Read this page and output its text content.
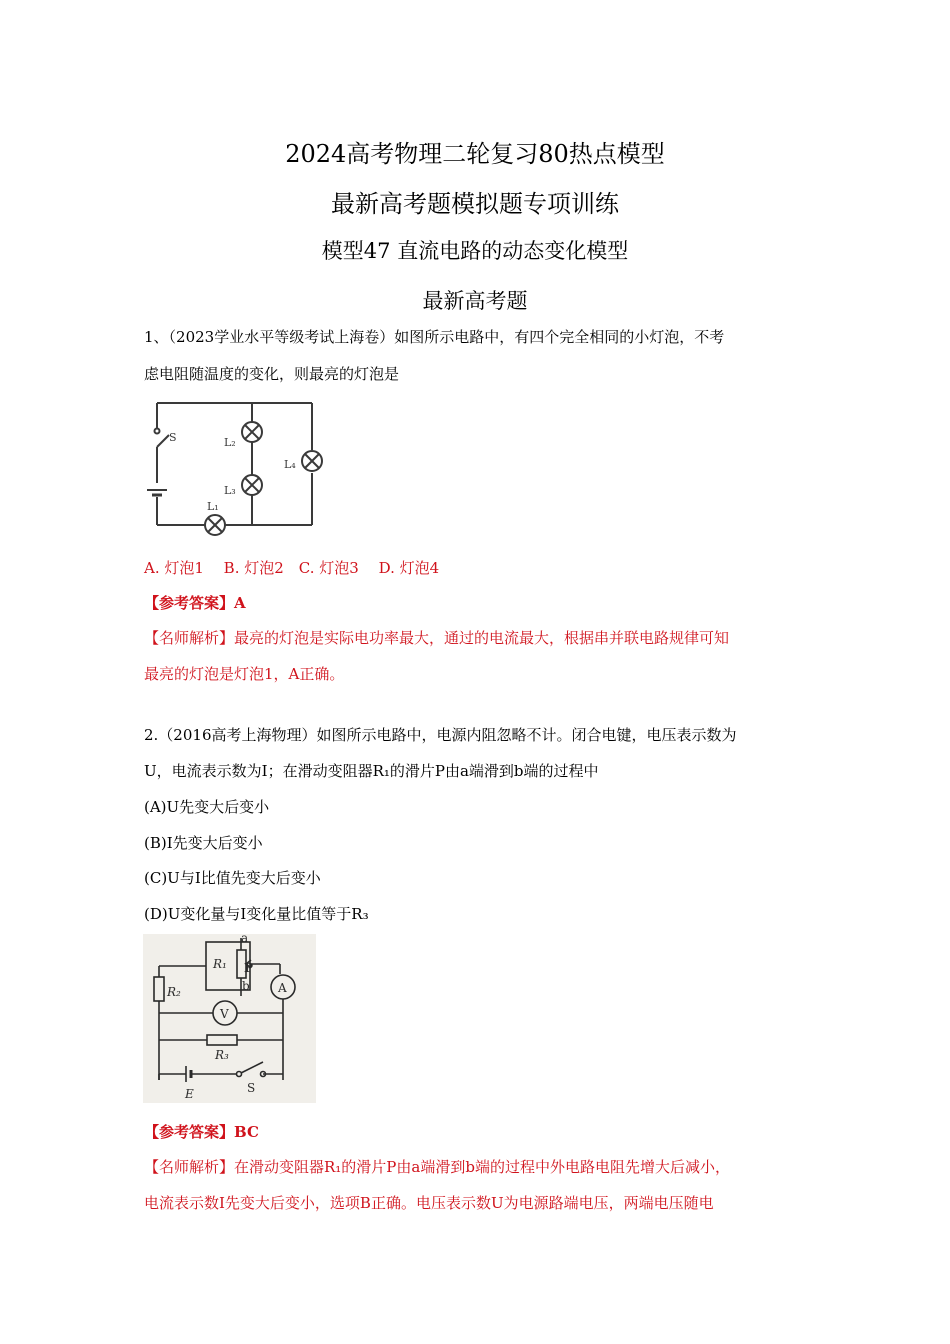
2024高考物理二轮复习80热点模型
最新高考题模拟题专项训练
模型47 直流电路的动态变化模型
最新高考题
1、（2023学业水平等级考试上海卷）如图所示电路中，有四个完全相同的小灯泡，不考
虑电阻随温度的变化，则最亮的灯泡是
S	L₂
L₃
L₄
L₁
A. 灯泡1　 B. 灯泡2　C. 灯泡3　 D. 灯泡4
【参考答案】A
【名师解析】最亮的灯泡是实际电功率最大，通过的电流最大，根据串并联电路规律可知
最亮的灯泡是灯泡1，A正确。
2.（2016高考上海物理）如图所示电路中，电源内阻忽略不计。闭合电键，电压表示数为
U，电流表示数为I；在滑动变阻器R₁的滑片P由a端滑到b端的过程中
(A)U先变大后变小
(B)I先变大后变小
(C)U与I比值先变大后变小
(D)U变化量与I变化量比值等于R₃
a
b
P
R₁
R₂
R₃
V
A
E	S
【参考答案】BC
【名师解析】在滑动变阻器R₁的滑片P由a端滑到b端的过程中外电路电阻先增大后减小，
电流表示数I先变大后变小，选项B正确。电压表示数U为电源路端电压，两端电压随电
